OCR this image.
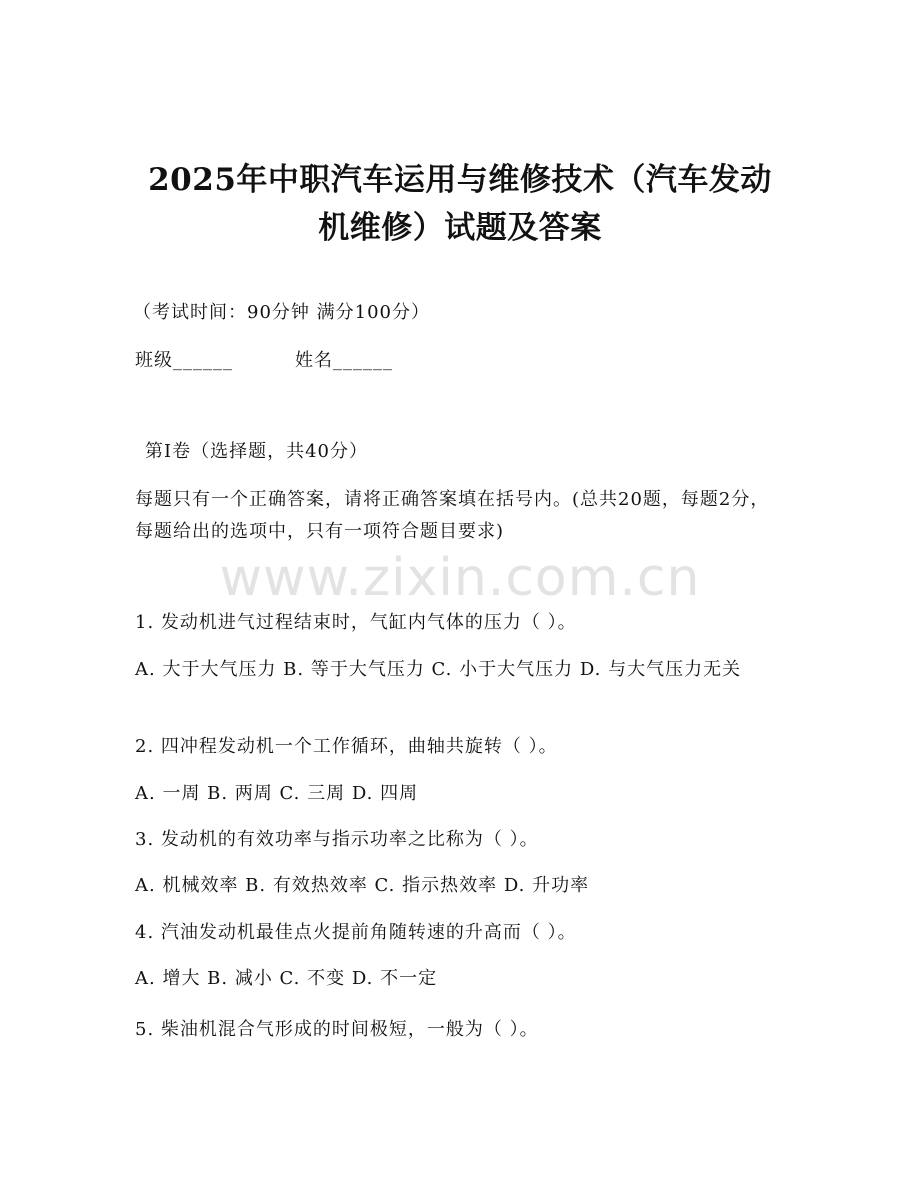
www.zixin.com.cn
2025年中职汽车运用与维修技术（汽车发动
机维修）试题及答案
（考试时间：90分钟 满分100分）
班级______	姓名______
第I卷（选择题，共40分）
每题只有一个正确答案，请将正确答案填在括号内。(总共20题，每题2分，每题给出的选项中，只有一项符合题目要求)
1. 发动机进气过程结束时，气缸内气体的压力（ ）。
A. 大于大气压力 B. 等于大气压力 C. 小于大气压力 D. 与大气压力无关
2. 四冲程发动机一个工作循环，曲轴共旋转（ ）。
A. 一周 B. 两周 C. 三周 D. 四周
3. 发动机的有效功率与指示功率之比称为（ ）。
A. 机械效率 B. 有效热效率 C. 指示热效率 D. 升功率
4. 汽油发动机最佳点火提前角随转速的升高而（ ）。
A. 增大 B. 减小 C. 不变 D. 不一定
5. 柴油机混合气形成的时间极短，一般为（ ）。
